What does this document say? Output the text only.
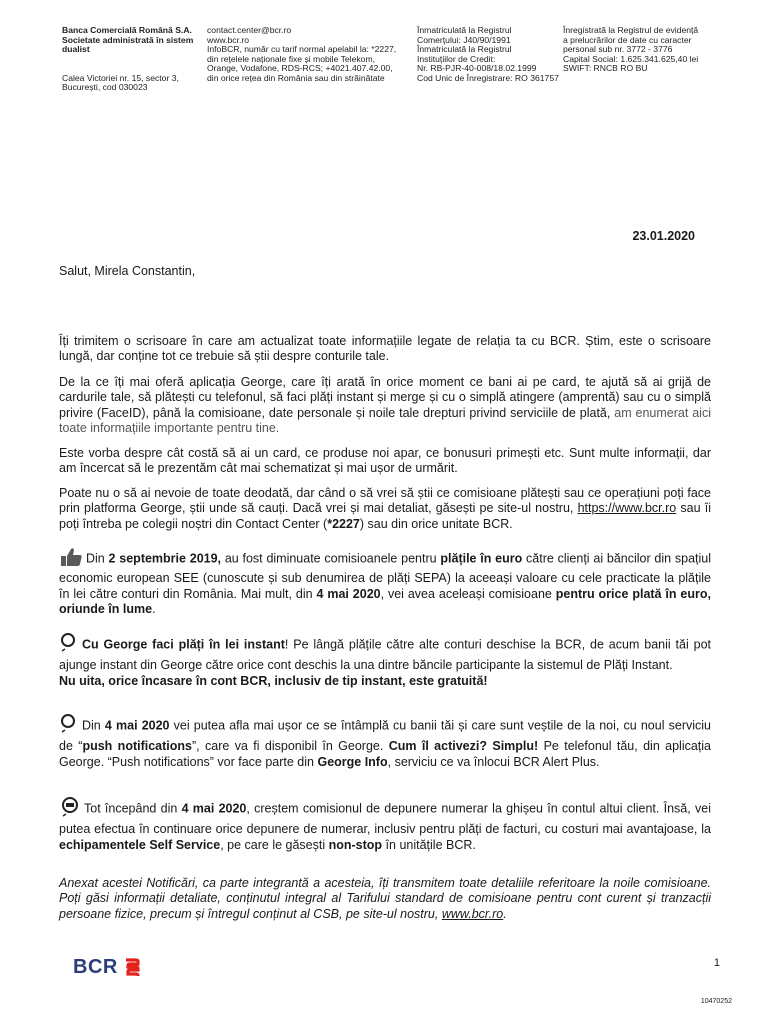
Banca Comercială Română S.A.
Societate administrată în sistem
dualist
Calea Victoriei nr. 15, sector 3,
București, cod 030023
contact.center@bcr.ro
www.bcr.ro
InfoBCR, număr cu tarif normal apelabil la: *2227,
din rețelele naționale fixe și mobile Telekom,
Orange, Vodafone, RDS-RCS; +4021.407.42.00,
din orice rețea din România sau din străinătate
Înmatriculată la Registrul
Comerțului: J40/90/1991
Înmatriculată la Registrul
Instituțiilor de Credit:
Nr. RB-PJR-40-008/18.02.1999
Cod Unic de Înregistrare: RO 361757
Înregistrată la Registrul de evidență
a prelucrărilor de date cu caracter
personal sub nr. 3772 - 3776
Capital Social: 1.625.341.625,40 lei
SWIFT: RNCB RO BU
23.01.2020
Salut, Mirela Constantin,
Îți trimitem o scrisoare în care am actualizat toate informațiile legate de relația ta cu BCR. Știm, este o scrisoare lungă, dar conține tot ce trebuie să știi despre conturile tale.
De la ce îți mai oferă aplicația George, care îți arată în orice moment ce bani ai pe card, te ajută să ai grijă de cardurile tale, să plătești cu telefonul, să faci plăți instant și merge și cu o simplă atingere (amprentă) sau cu o simplă privire (FaceID), până la comisioane, date personale și noile tale drepturi privind serviciile de plată, am enumerat aici toate informațiile importante pentru tine.
Este vorba despre cât costă să ai un card, ce produse noi apar, ce bonusuri primești etc. Sunt multe informații, dar am încercat să le prezentăm cât mai schematizat și mai ușor de urmărit.
Poate nu o să ai nevoie de toate deodată, dar când o să vrei să știi ce comisioane plătești sau ce operațiuni poți face prin platforma George, știi unde să cauți. Dacă vrei și mai detaliat, găsești pe site-ul nostru, https://www.bcr.ro sau îi poți întreba pe colegii noștri din Contact Center (*2227) sau din orice unitate BCR.
Din 2 septembrie 2019, au fost diminuate comisioanele pentru plățile în euro către clienți ai băncilor din spațiul economic european SEE (cunoscute și sub denumirea de plăți SEPA) la aceeași valoare cu cele practicate la plățile în lei către conturi din România. Mai mult, din 4 mai 2020, vei avea aceleași comisioane pentru orice plată în euro, oriunde în lume.
Cu George faci plăți în lei instant! Pe lângă plățile către alte conturi deschise la BCR, de acum banii tăi pot ajunge instant din George către orice cont deschis la una dintre băncile participante la sistemul de Plăți Instant.
Nu uita, orice încasare în cont BCR, inclusiv de tip instant, este gratuită!
Din 4 mai 2020 vei putea afla mai ușor ce se întâmplă cu banii tăi și care sunt veștile de la noi, cu noul serviciu de “push notifications”, care va fi disponibil în George. Cum îl activezi? Simplu! Pe telefonul tău, din aplicația George. “Push notifications” vor face parte din George Info, serviciu ce va înlocui BCR Alert Plus.
Tot începând din 4 mai 2020, creștem comisionul de depunere numerar la ghișeu în contul altui client. Însă, vei putea efectua în continuare orice depunere de numerar, inclusiv pentru plăți de facturi, cu costuri mai avantajoase, la echipamentele Self Service, pe care le găsești non-stop în unitățile BCR.
Anexat acestei Notificări, ca parte integrantă a acesteia, îți transmitem toate detaliile referitoare la noile comisioane. Poți găsi informații detaliate, conținutul integral al Tarifului standard de comisioane pentru cont curent și tranzacții persoane fizice, precum și întregul conținut al CSB, pe site-ul nostru, www.bcr.ro.
BCR	1
10470252
